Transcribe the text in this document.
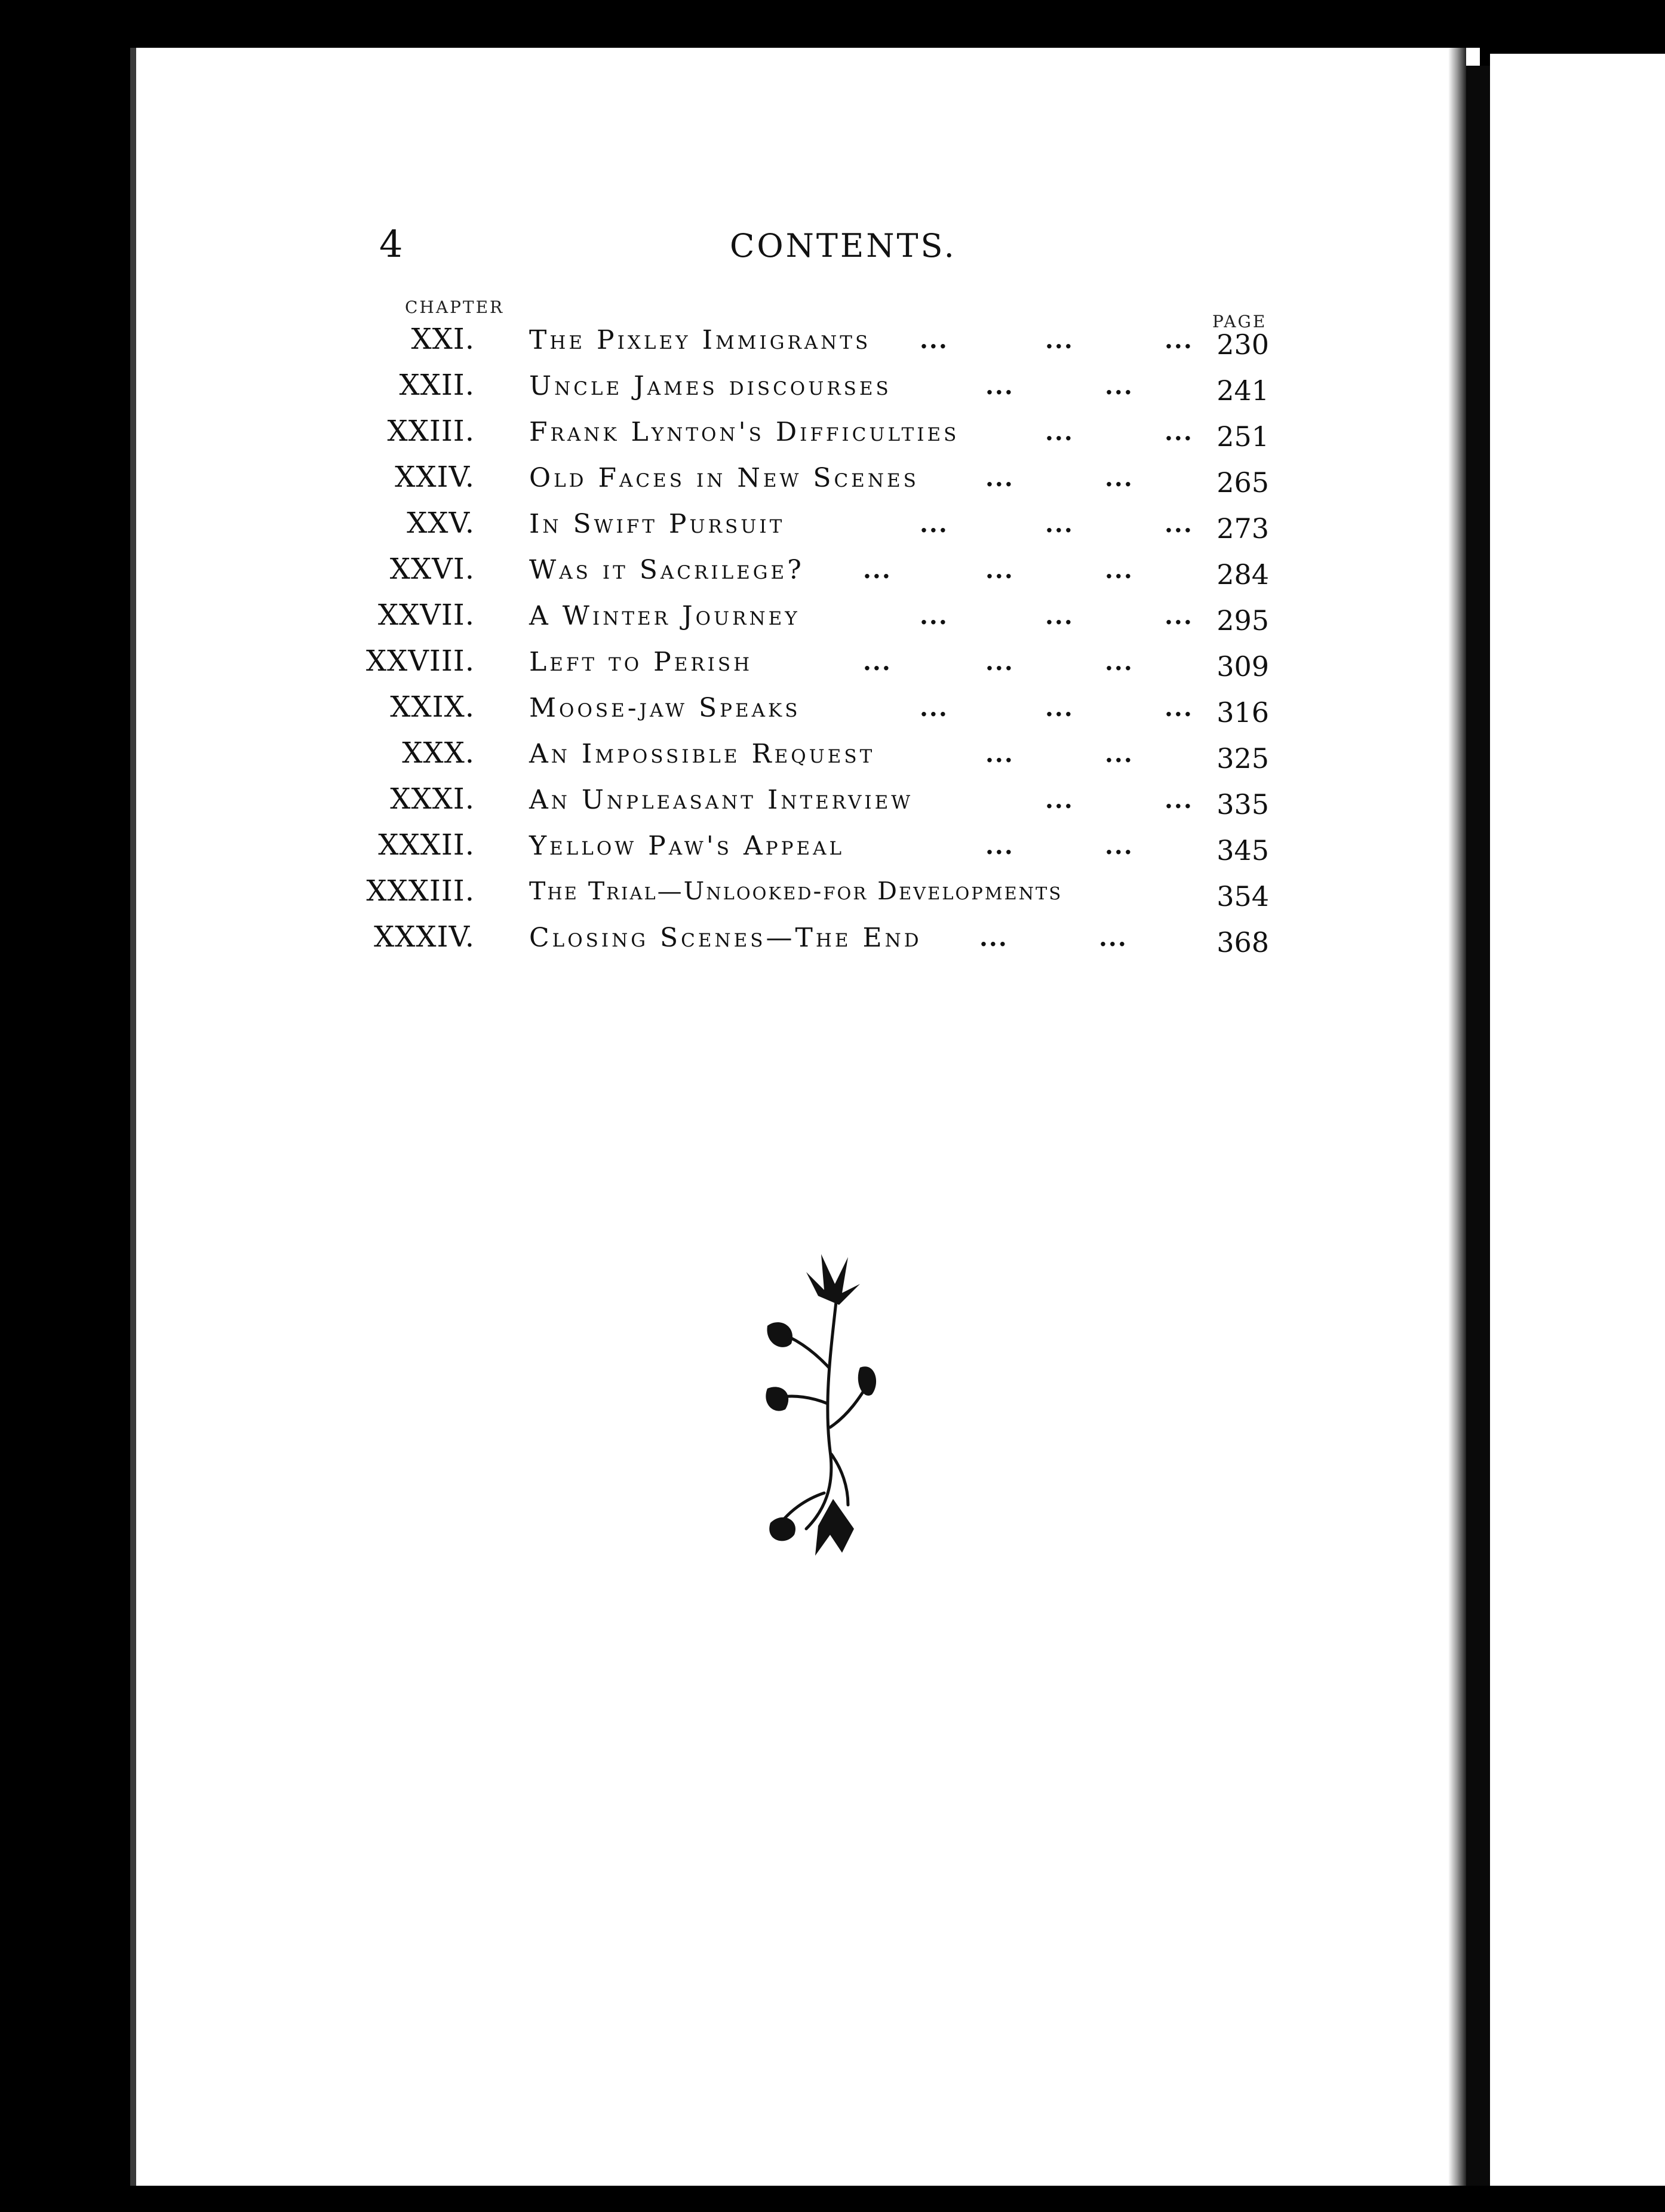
4	CONTENTS.
CHAPTER
PAGE
XXI. The Pixley Immigrants ...	...	... 230
XXII. Uncle James discourses	...	...	241
XXIII. Frank Lynton's Difficulties	...	... 251
XXIV. Old Faces in New Scenes	...	...	265
XXV. In Swift Pursuit	...	...	... 273
XXVI. Was it Sacrilege? ...	...	...	284
XXVII. A Winter Journey	...	...	... 295
XXVIII. Left to Perish	...	...	...	309
XXIX. Moose-jaw Speaks	...	...	... 316
XXX. An Impossible Request	...	...	325
XXXI. An Unpleasant Interview	...	... 335
XXXII. Yellow Paw's Appeal	...	...	345
XXXIII. The Trial—Unlooked-for Developments	354
XXXIV. Closing Scenes—The End ...	...	368
